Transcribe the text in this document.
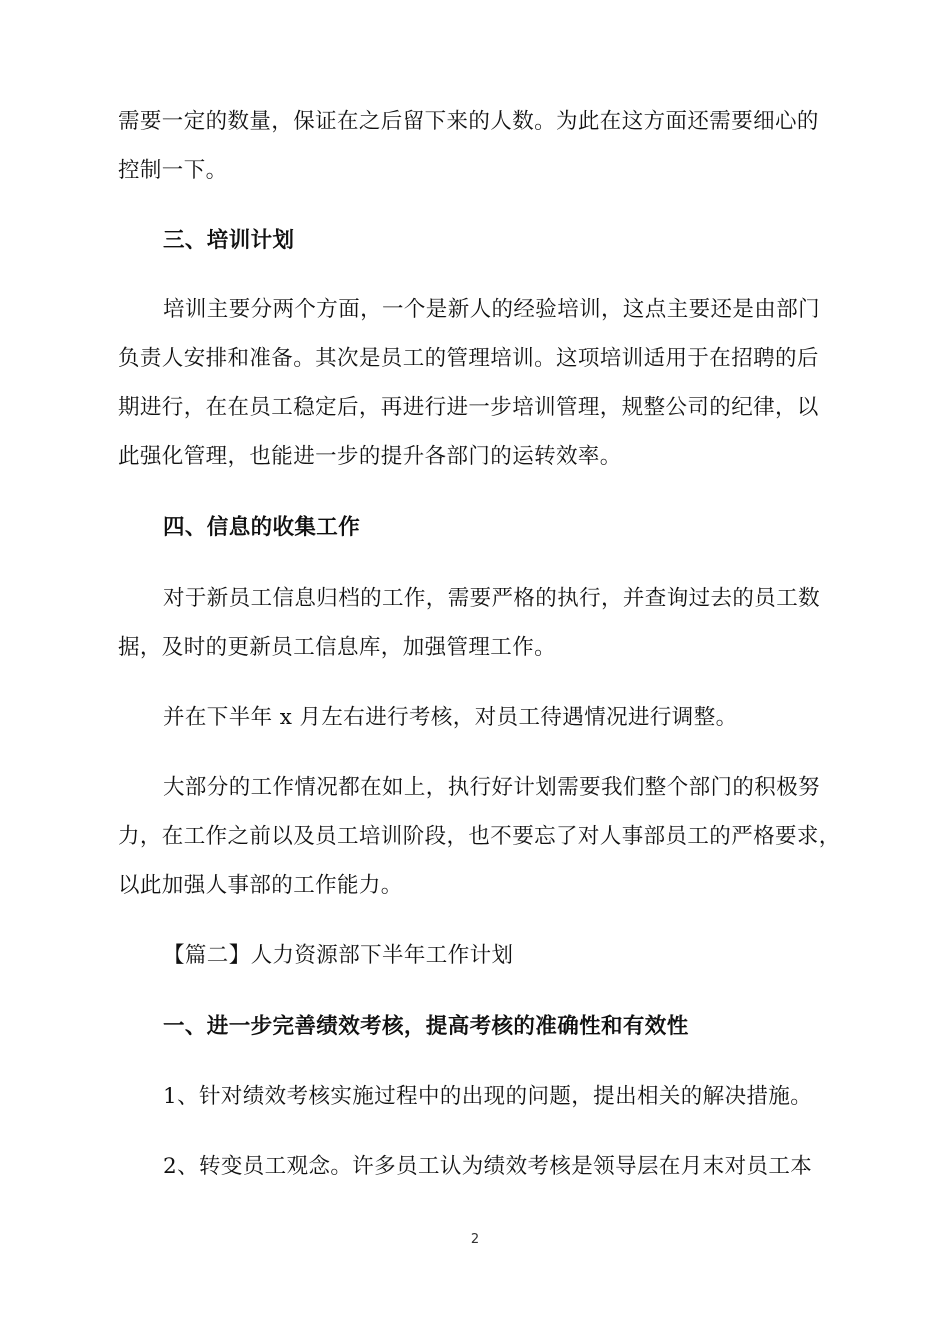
需要一定的数量，保证在之后留下来的人数。为此在这方面还需要细心的
控制一下。
三、培训计划
培训主要分两个方面，一个是新人的经验培训，这点主要还是由部门
负责人安排和准备。其次是员工的管理培训。这项培训适用于在招聘的后
期进行，在在员工稳定后，再进行进一步培训管理，规整公司的纪律，以
此强化管理，也能进一步的提升各部门的运转效率。
四、信息的收集工作
对于新员工信息归档的工作，需要严格的执行，并查询过去的员工数
据，及时的更新员工信息库，加强管理工作。
并在下半年 x 月左右进行考核，对员工待遇情况进行调整。
大部分的工作情况都在如上，执行好计划需要我们整个部门的积极努
力，在工作之前以及员工培训阶段，也不要忘了对人事部员工的严格要求，
以此加强人事部的工作能力。
【篇二】人力资源部下半年工作计划
一、进一步完善绩效考核，提高考核的准确性和有效性
1、针对绩效考核实施过程中的出现的问题，提出相关的解决措施。
2、转变员工观念。许多员工认为绩效考核是领导层在月末对员工本
2
